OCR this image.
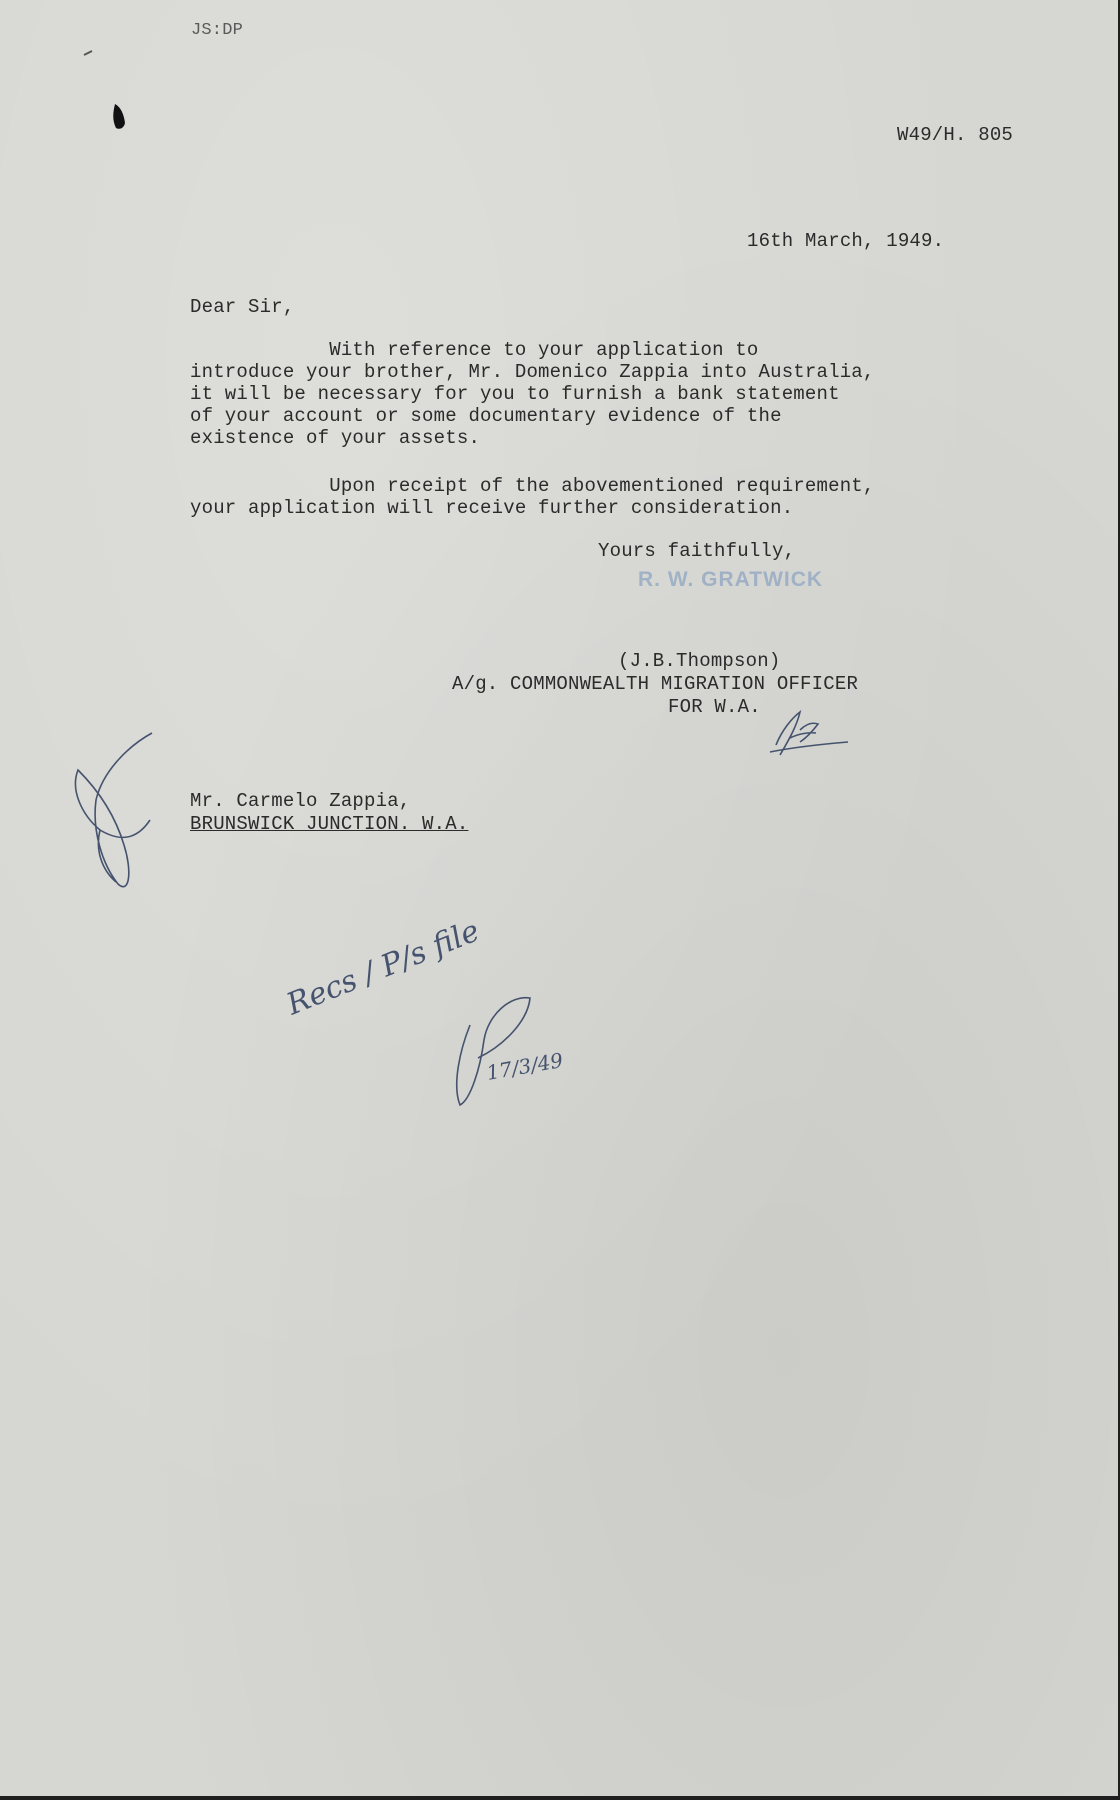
JS:DP

W49/H. 805

16th March, 1949.

Dear Sir,

With reference to your application to
introduce your brother, Mr. Domenico Zappia into Australia,
it will be necessary for you to furnish a bank statement
of your account or some documentary evidence of the
existence of your assets.

Upon receipt of the abovementioned requirement,
your application will receive further consideration.

Yours faithfully,

R. W. GRATWICK

(J.B.Thompson)

A/g. COMMONWEALTH MIGRATION OFFICER

FOR W.A.

Mr. Carmelo Zappia,

BRUNSWICK JUNCTION. W.A.

Recs / P/s file
17/3/49
